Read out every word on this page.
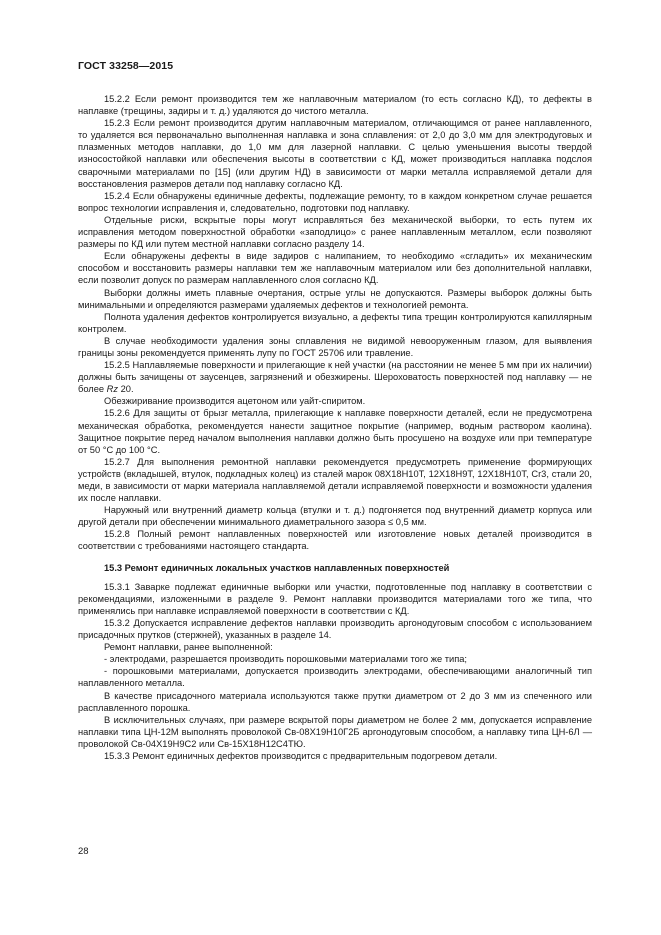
ГОСТ 33258—2015

15.2.2 Если ремонт производится тем же наплавочным материалом (то есть согласно КД), то дефекты в наплавке (трещины, задиры и т. д.) удаляются до чистого металла.

15.2.3 Если ремонт производится другим наплавочным материалом, отличающимся от ранее наплавленного, то удаляется вся первоначально выполненная наплавка и зона сплавления: от 2,0 до 3,0 мм для электродуговых и плазменных методов наплавки, до 1,0 мм для лазерной наплавки. С целью уменьшения высоты твердой износостойкой наплавки или обеспечения высоты в соответствии с КД, может производиться наплавка подслоя сварочными материалами по [15] (или другим НД) в зависимости от марки металла исправляемой детали для восстановления размеров детали под наплавку согласно КД.

15.2.4 Если обнаружены единичные дефекты, подлежащие ремонту, то в каждом конкретном случае решается вопрос технологии исправления и, следовательно, подготовки под наплавку.

Отдельные риски, вскрытые поры могут исправляться без механической выборки, то есть путем их исправления методом поверхностной обработки «заподлицо» с ранее наплавленным металлом, если позволяют размеры по КД или путем местной наплавки согласно разделу 14.

Если обнаружены дефекты в виде задиров с налипанием, то необходимо «сгладить» их механическим способом и восстановить размеры наплавки тем же наплавочным материалом или без дополнительной наплавки, если позволит допуск по размерам наплавленного слоя согласно КД.

Выборки должны иметь плавные очертания, острые углы не допускаются. Размеры выборок должны быть минимальными и определяются размерами удаляемых дефектов и технологией ремонта.

Полнота удаления дефектов контролируется визуально, а дефекты типа трещин контролируются капиллярным контролем.

В случае необходимости удаления зоны сплавления не видимой невооруженным глазом, для выявления границы зоны рекомендуется применять лупу по ГОСТ 25706 или травление.

15.2.5 Наплавляемые поверхности и прилегающие к ней участки (на расстоянии не менее 5 мм при их наличии) должны быть зачищены от заусенцев, загрязнений и обезжирены. Шероховатость поверхностей под наплавку — не более Rz 20.

Обезжиривание производится ацетоном или уайт-спиритом.

15.2.6 Для защиты от брызг металла, прилегающие к наплавке поверхности деталей, если не предусмотрена механическая обработка, рекомендуется нанести защитное покрытие (например, водным раствором каолина). Защитное покрытие перед началом выполнения наплавки должно быть просушено на воздухе или при температуре от 50 °С до 100 °С.

15.2.7 Для выполнения ремонтной наплавки рекомендуется предусмотреть применение формирующих устройств (вкладышей, втулок, подкладных колец) из сталей марок 08Х18Н10Т, 12Х18Н9Т, 12Х18Н10Т, Сr3, стали 20, меди, в зависимости от марки материала наплавляемой детали исправляемой поверхности и возможности удаления их после наплавки.

Наружный или внутренний диаметр кольца (втулки и т. д.) подгоняется под внутренний диаметр корпуса или другой детали при обеспечении минимального диаметрального зазора ≤ 0,5 мм.

15.2.8 Полный ремонт наплавленных поверхностей или изготовление новых деталей производится в соответствии с требованиями настоящего стандарта.

15.3 Ремонт единичных локальных участков наплавленных поверхностей

15.3.1 Заварке подлежат единичные выборки или участки, подготовленные под наплавку в соответствии с рекомендациями, изложенными в разделе 9. Ремонт наплавки производится материалами того же типа, что применялись при наплавке исправляемой поверхности в соответствии с КД.

15.3.2 Допускается исправление дефектов наплавки производить аргонодуговым способом с использованием присадочных прутков (стержней), указанных в разделе 14.

Ремонт наплавки, ранее выполненной:

- электродами, разрешается производить порошковыми материалами того же типа;

- порошковыми материалами, допускается производить электродами, обеспечивающими аналогичный тип наплавленного металла.

В качестве присадочного материала используются также прутки диаметром от 2 до 3 мм из спеченного или расплавленного порошка.

В исключительных случаях, при размере вскрытой поры диаметром не более 2 мм, допускается исправление наплавки типа ЦН-12М выполнять проволокой Св-08Х19Н10Г2Б аргонодуговым способом, а наплавку типа ЦН-6Л — проволокой Св-04Х19Н9С2 или Св-15Х18Н12С4ТЮ.

15.3.3 Ремонт единичных дефектов производится с предварительным подогревом детали.

28
